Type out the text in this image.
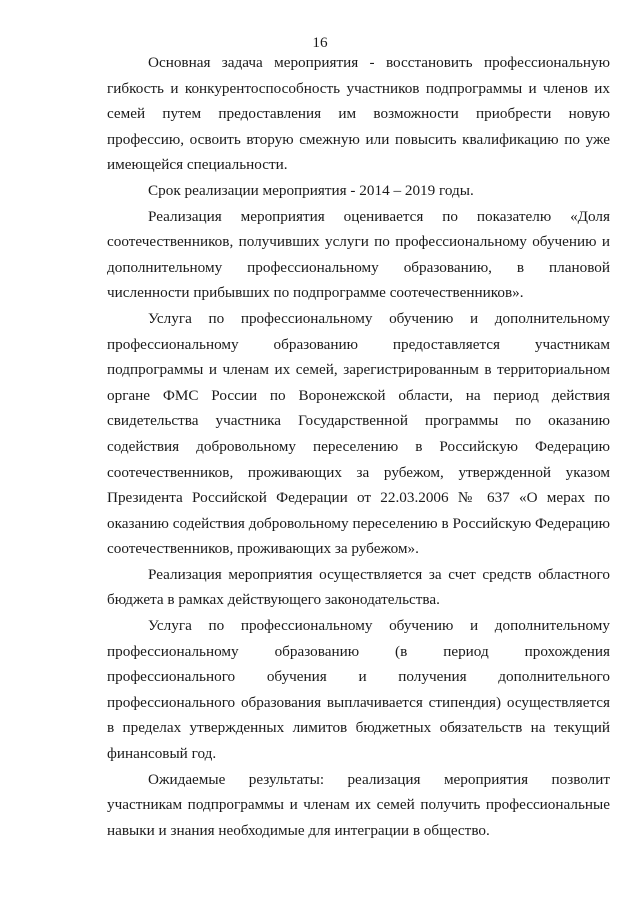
16

Основная задача мероприятия - восстановить профессиональную гибкость и конкурентоспособность участников подпрограммы и членов их семей путем предоставления им возможности приобрести новую профессию, освоить вторую смежную или повысить квалификацию по уже имеющейся специальности.

Срок реализации мероприятия - 2014 – 2019 годы.

Реализация мероприятия оценивается по показателю «Доля соотечественников, получивших услуги по профессиональному обучению и дополнительному профессиональному образованию, в плановой численности прибывших по подпрограмме соотечественников».

Услуга по профессиональному обучению и дополнительному профессиональному образованию предоставляется участникам подпрограммы и членам их семей, зарегистрированным в территориальном органе ФМС России по Воронежской области, на период действия свидетельства участника Государственной программы по оказанию содействия добровольному переселению в Российскую Федерацию соотечественников, проживающих за рубежом, утвержденной указом Президента Российской Федерации от 22.03.2006 № 637 «О мерах по оказанию содействия добровольному переселению в Российскую Федерацию соотечественников, проживающих за рубежом».

Реализация мероприятия осуществляется за счет средств областного бюджета в рамках действующего законодательства.

Услуга по профессиональному обучению и дополнительному профессиональному образованию (в период прохождения профессионального обучения и получения дополнительного профессионального образования выплачивается стипендия) осуществляется в пределах утвержденных лимитов бюджетных обязательств на текущий финансовый год.

Ожидаемые результаты: реализация мероприятия позволит участникам подпрограммы и членам их семей получить профессиональные навыки и знания необходимые для интеграции в общество.
